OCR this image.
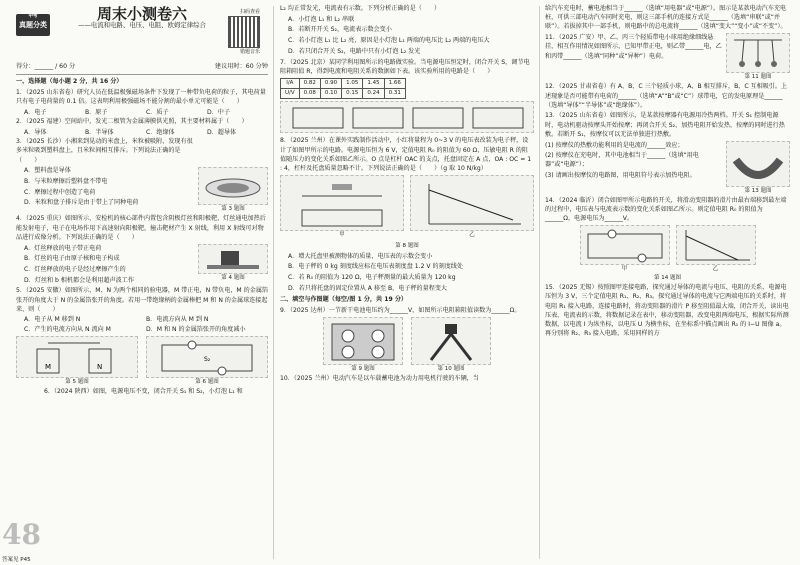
中考
真题分类
扫码查看
错题音乐
周末小测卷六
——电流和电路、电压、电阻、欧姆定律综合
得分：______ / 60 分	建议用时：60 分钟

一、选择题（每小题 2 分，共 16 分）

1．（2025 山东省卷）研究人员在低温极强磁场条件下发现了一种带负电荷的粒子，其电荷量只有电子电荷量的 0.1 倍。这表明利用极强磁场不能分割的最小单元可能是（　　）

A．电子	B．原子	C．质子	D．中子

2．（2025 福建）空间站中，发光二极管为金属薄膜供光照，其主要材料属于（　　）

A．导体	B．半导体	C．绝缘体	D．超导体

3．（2025 长沙）小湘来到晃动的米盘上，米粒被吸附，发现有很多米粒吸到塑料盘上，且米粒间相互排斥。下列说法正确的是（　　）

A．塑料盘是导体

B．与米粒摩擦后塑料盘不带电

C．摩擦过程中创造了电荷

D．米粒和盘子排斥是由于带上了同种电荷

第 3 题图

4．（2025 重庆）如图所示，安检机的核心部件内置包含阴极灯丝和阳极靶，灯丝通电加热后能发射电子，电子在电场作用下高速射向阳极靶，撞击靶材产生 X 射线，利用 X 射线可对物品进行成像分析。下列说法正确的是（　　）

A．灯丝释放的电子带正电荷

B．灯丝的电子由原子核和电子构成

C．灯丝释放的电子是经过摩擦产生的

D．灯丝和 b 相机都会是利用超声波工作	第 4 题图

5．（2025 安徽）如图所示，M、N 为两个相同的验电器，M 带正电，N 带负电，M 的金属箔张开的角度大于 N 的金属箔张开的角度。若用一带绝缘柄的金属棒把 M 和 N 的金属球连接起来，则（　　）

A．电子从 M 移到 N	B．电流方向从 M 到 N
C．产生的电流方向从 N 流向 M	D．M 和 N 的金属箔张开的角度减小
M	N
第 5 题图
S₂
第 6 题图

6．（2024 陕西）如图，电源电压不变，闭合开关 S₁ 和 S₂，小灯泡 L₁ 和

48
答案见 P45

L₂ 均正常发光，电流表有示数。下列分析正确的是（　　）

A．小灯泡 L₁ 和 L₂ 串联

B．若断开开关 S₂，电流表示数会变小

C．若小灯泡 L₁ 比 L₂ 亮，原因是小灯泡 L₁ 两端的电压比 L₂ 两端的电压大

D．若只闭合开关 S₂，电路中只有小灯泡 L₂ 发光

7．（2025 北京）某同学利用图所示的电路做实验。当电源电压恒定时，闭合开关 S，调节电阻箱阻值 R，得到电流和电阻关系的数据如下表。该实验所用的电路是（　　）

I/A	0.82	0.90	1.05	1.45	1.66
U/V	0.08	0.10	0.15	0.24	0.31

8．（2025 兰州）在课外实践制作活动中，小红将量程为 0~3 V 的电压表改装为电子秤，设计了如图甲所示的电路。电源电压恒为 6 V，定值电阻 R₀ 的阻值为 60 Ω，压敏电阻 R 的阻值随压力的变化关系如图乙所示。O 点是杠杆 OAC 的支点，托盘固定在 A 点，OA : OC = 1 : 4，杠杆及托盘质量忽略不计。下列说法正确的是（　　）（g 取 10 N/kg）

甲	乙
第 8 题图

A．增大托盘里被测物体的质量，电压表的示数会变小

B．电子秤的 0 kg 刻度线应标在电压表刻度盘 1.2 V 的刻度线处

C．若 R₀ 的阻值为 120 Ω，电子秤测量的最大质量为 120 kg

D．若只将托盘的固定位置从 A 移至 B，电子秤的量程变大

二、填空与作图题（每空/图 1 分，共 19 分）

9．（2025 达州）一节新干电池电压约为______V，如图所示电阻箱阻值读数为______Ω。

第 9 题图	第 10 题图

10．（2025 兰州）电动汽车是以车载蓄电池为动力用电机行驶的车辆，当

给汽车充电时，蓄电池相当于______（选填“用电器”或“电源”）。图示是某款电动汽车充电桩，可供三部电动汽车同时充电，则这三部手机的连接方式是______（选填“串联”或“并联”）。若拔掉其中一部手机，则电路中的总电流将______（选填“变大”“变小”或“不变”）。

11．（2025 广安）甲、乙、丙三个轻质带电小球用绝缘细线悬挂，相互作用情况如图所示，已知甲带正电，则乙带______电，乙和丙带______（选填“同种”或“异种”）电荷。

第 11 题图

12．（2025 甘肃省卷）有 A、B、C 三个轻质小球，A、B 相互排斥，B、C 互相吸引。上述现象是否可能带有电荷的______（选填“A”“B”或“C”）球带电，它的发电原理是______（选填“导体”“半导体”或“绝缘体”）。

13．（2025 山东省卷）如图所示，是某款按摩器有电源用冷热两档。开关 S₁ 控制电源时，电动机驱动按摩头开始按摩；再闭合开关 S₂，加热电阻开始发热，按摩的同时进行热敷。若断开 S₁，按摩仪可以无法单独进行热敷。

(1) 按摩仪的热敷功能利用的是电流的______效应；

(2) 按摩仪在充电时，其中电池相当于______（选填“用电器”或“电源”）；

(3) 请画出按摩仪的电路图，用电阻符号表示加热电阻。

第 13 题图

14．（2024 临沂）闭合如图甲所示电路的开关，将滑动变阻器的滑片由最右端移到最左端的过程中，电压表与电流表示数的变化关系如图乙所示。则定值电阻 R₀ 的阻值为______Ω，电源电压为______V。

甲	乙
第 14 题图

15．（2025 无锡）按照图甲连接电路，探究通过导体的电流与电压、电阻的关系，电源电压恒为 3 V，三个定值电阻 R₁、R₂、R₃。探究通过导体的电流与它两端电压的关系时，将电阻 R₁ 接入电路，连接电路时，将动变阻器的滑片 P 移至阻值最大端，闭合开关，读出电压表、电流表的示数，将数据记录在表中，移动变阻器，改变电阻两端电压，根据实际所测数据，以电流 I 为纵坐标，以电压 U 为横坐标，在坐标系中描点画出 R₁ 的 I−U 图像 a。再分别将 R₂、R₃ 接入电路，采用同样的方
